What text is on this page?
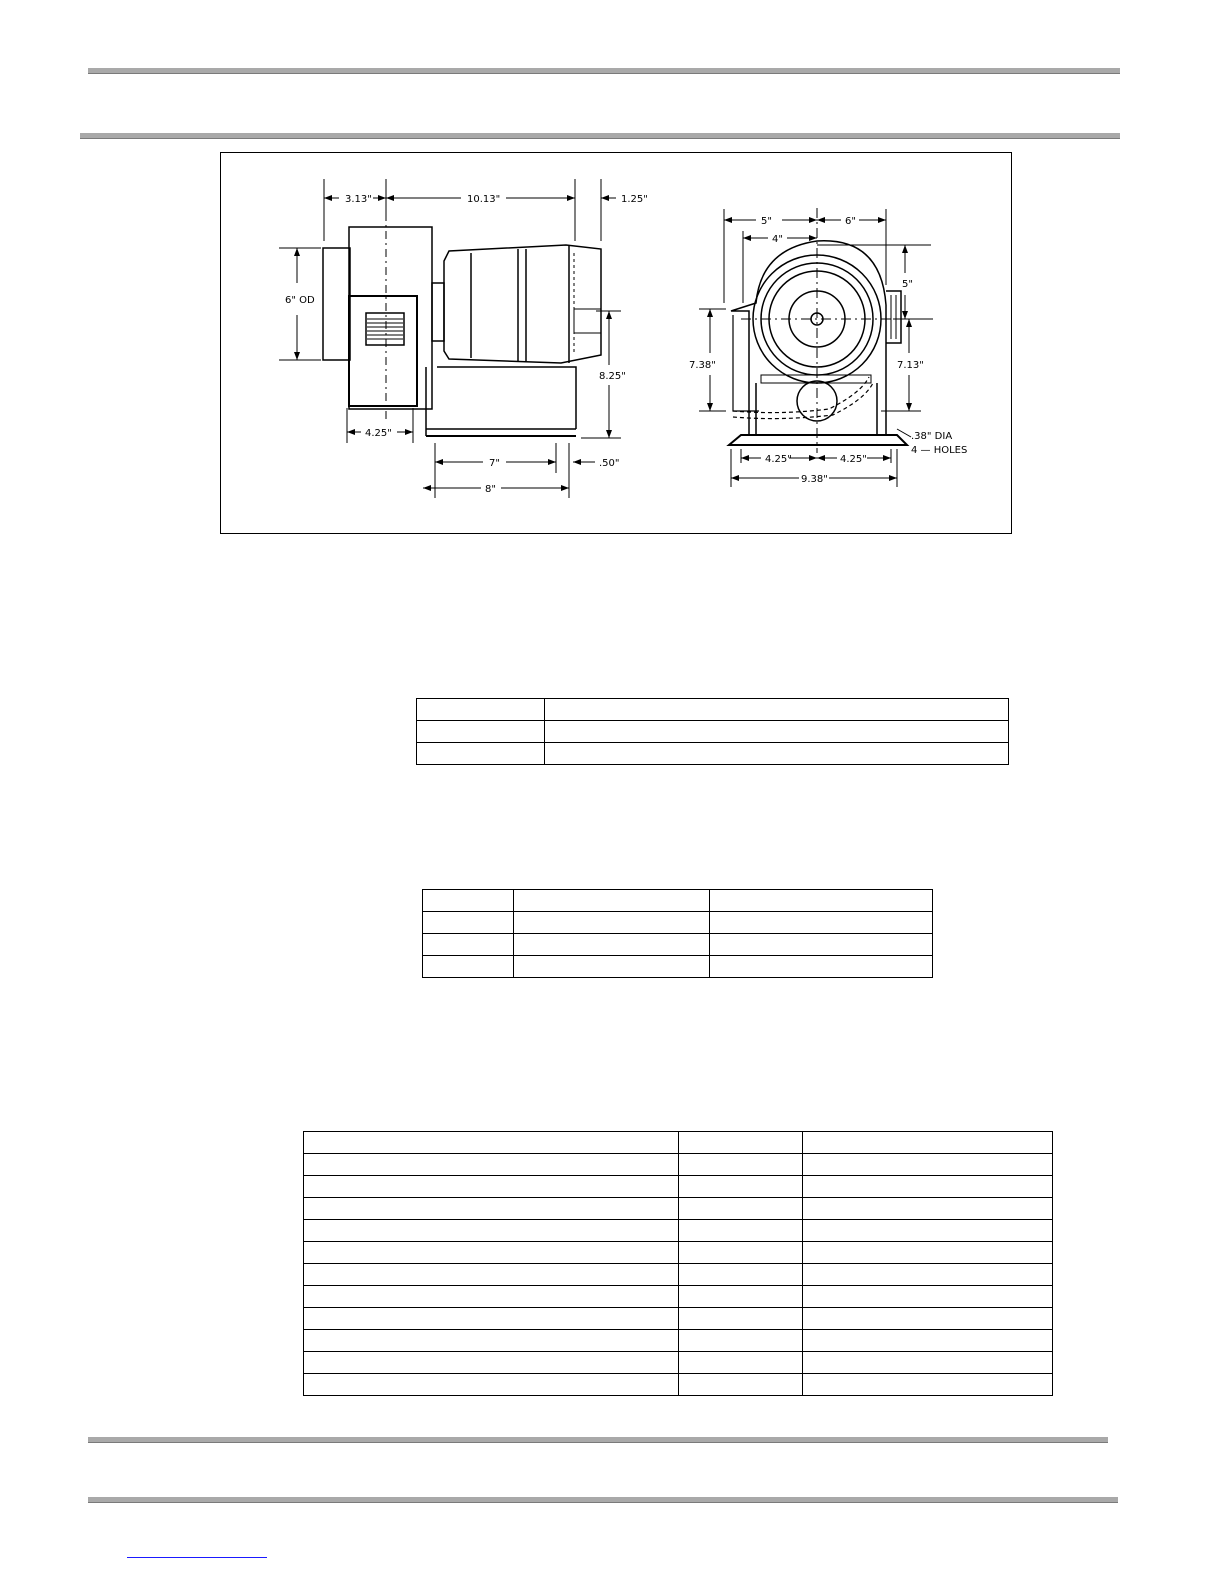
3.13"	10.13"	1.25"
6" OD
8.25"
4.25"
7"	.50"
8"
5"	6"
4"
5"
7.38"	7.13"
.38" DIA
4 — HOLES
4.25"	4.25"
9.38"
